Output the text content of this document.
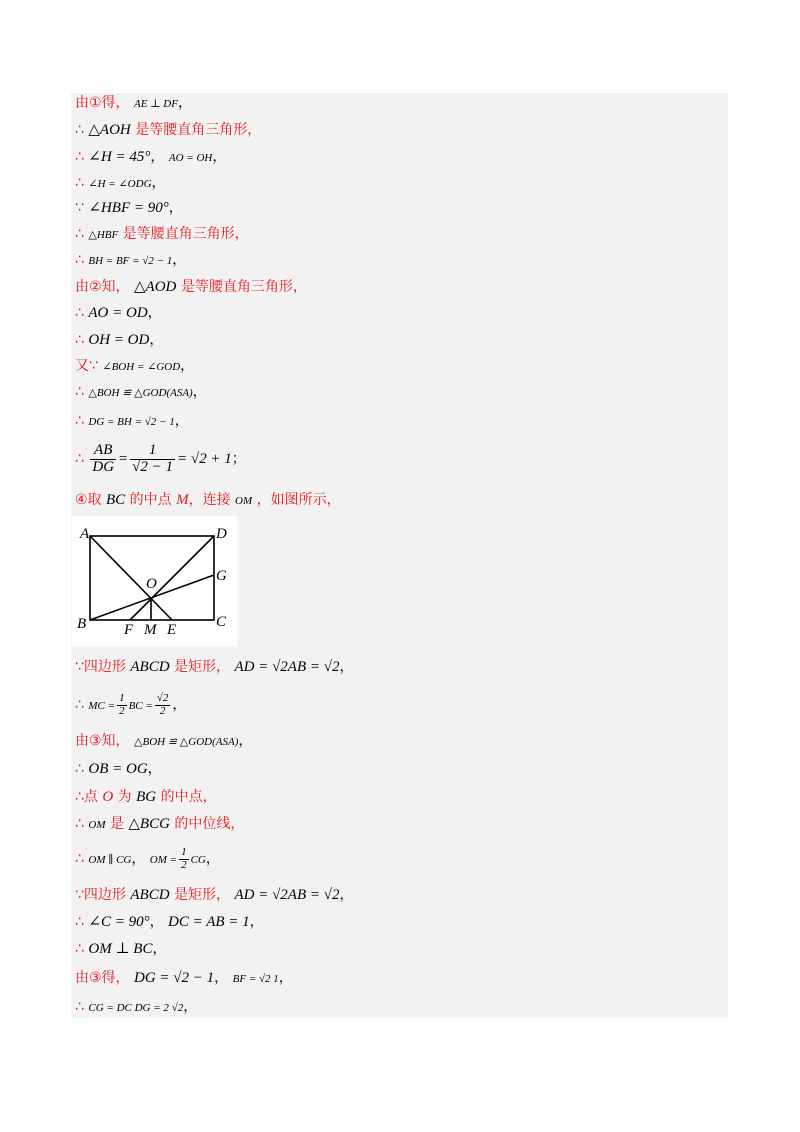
由①得， AE ⊥ DF，
∴ △AOH 是等腰直角三角形，
∴ ∠H = 45°， AO = OH，
∴ ∠H = ∠ODG，
∵ ∠HBF = 90°，
∴ △HBF 是等腰直角三角形，
∴ BH = BF = √2 − 1，
由②知， △AOD 是等腰直角三角形，
∴ AO = OD，
∴ OH = OD，
又∵ ∠BOH = ∠GOD，
∴ △BOH ≌ △GOD(ASA)，
∴ DG = BH = √2 − 1，
∴ $\frac{AB}{DG} = \frac{1}{√2 - 1} = √2 + 1$；
④取 BC 的中点 M，连接 OM ，如图所示，
∵四边形 ABCD 是矩形， AD = √2AB = √2，
∴ MC = $\frac{1}{2}$ BC = $\frac{√2}{2}$ ，
由③知， △BOH ≌ △GOD(ASA)，
∴ OB = OG，
∴点 O 为 BG 的中点，
∴ OM 是 △BCG 的中位线，
∴ OM ∥ CG， OM = $\frac{1}{2}$ CG，
∵四边形 ABCD 是矩形， AD = √2AB = √2，
∴ ∠C = 90°， DC = AB = 1，
∴ OM ⊥ BC，
由③得， DG = √2 − 1， BF = √2 1，
∴ CG = DC DG = 2 √2，
A	D
O	G
B	C
F M E
